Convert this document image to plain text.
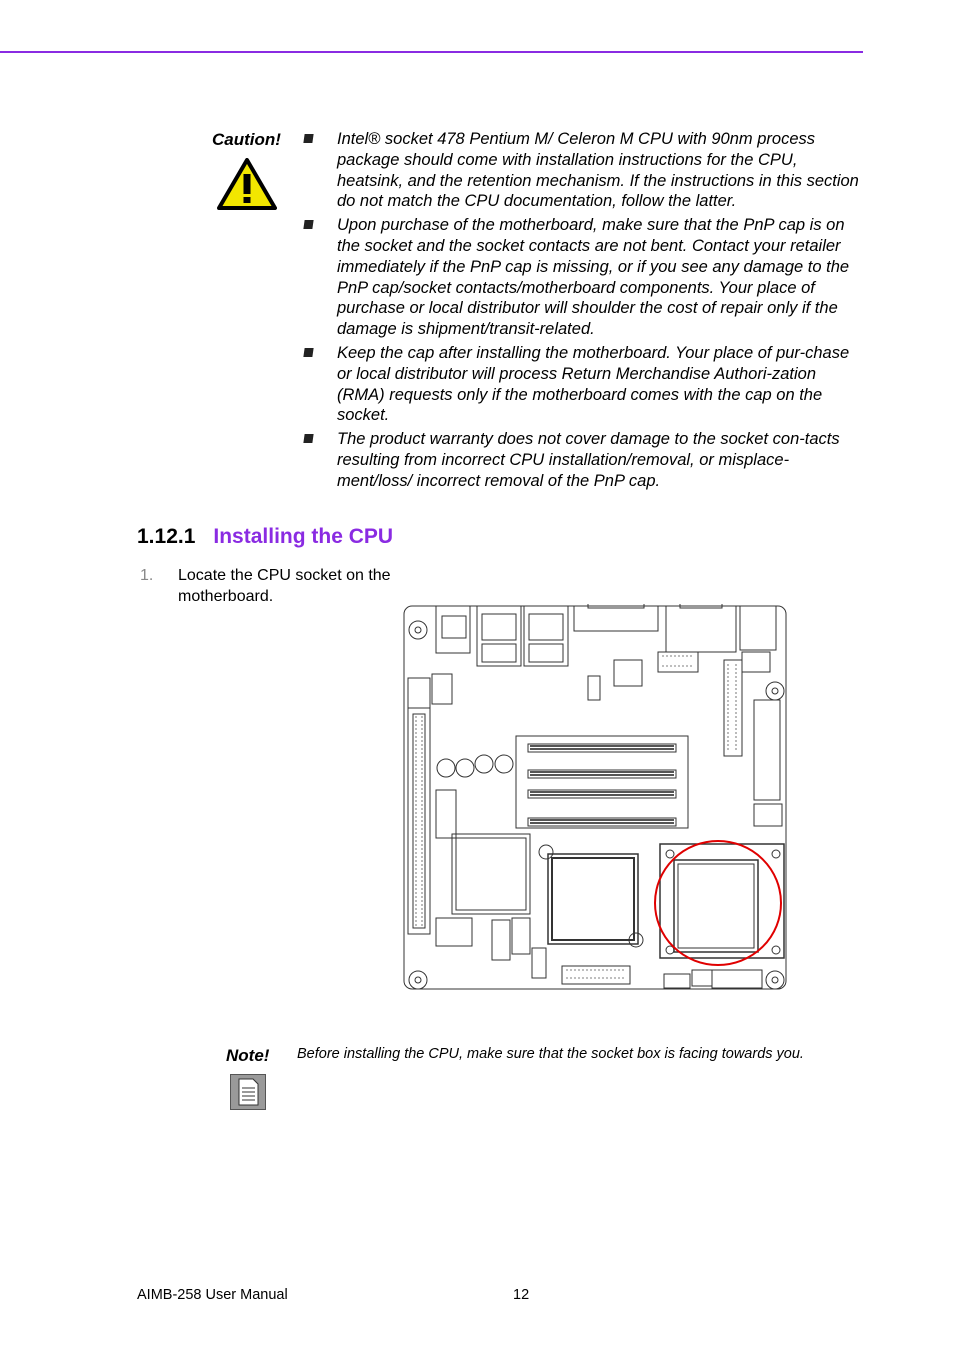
Caution!	Intel® socket 478 Pentium M/ Celeron M CPU with 90nm process package should come with installation instructions for the CPU, heatsink, and the retention mechanism. If the instructions in this section do not match the CPU documentation, follow the latter.
Upon purchase of the motherboard, make sure that the PnP cap is on the socket and the socket contacts are not bent. Contact your retailer immediately if the PnP cap is missing, or if you see any damage to the PnP cap/socket contacts/motherboard components. Your place of purchase or local distributor will shoulder the cost of repair only if the damage is shipment/transit-related.
Keep the cap after installing the motherboard. Your place of pur-chase or local distributor will process Return Merchandise Authori-zation (RMA) requests only if the motherboard comes with the cap on the socket.
The product warranty does not cover damage to the socket con-tacts resulting from incorrect CPU installation/removal, or misplace-ment/loss/ incorrect removal of the PnP cap.
1.12.1 Installing the CPU
1. Locate the CPU socket on the motherboard.
Note! Before installing the CPU, make sure that the socket box is facing towards you.
AIMB-258 User Manual	12
